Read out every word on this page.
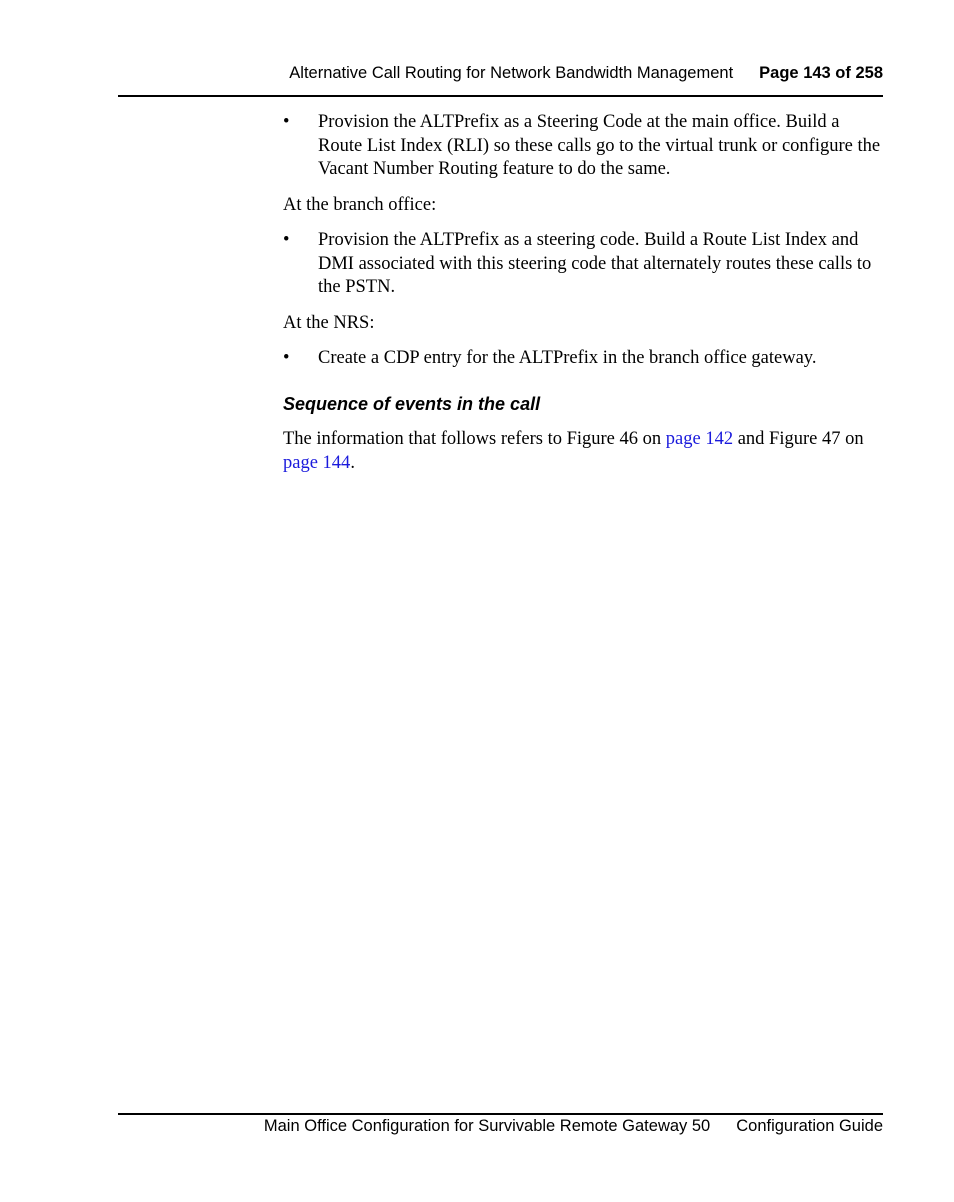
Alternative Call Routing for Network Bandwidth Management Page 143 of 258
• Provision the ALTPrefix as a Steering Code at the main office. Build a Route List Index (RLI) so these calls go to the virtual trunk or configure the Vacant Number Routing feature to do the same.

At the branch office:

• Provision the ALTPrefix as a steering code. Build a Route List Index and DMI associated with this steering code that alternately routes these calls to the PSTN.

At the NRS:

• Create a CDP entry for the ALTPrefix in the branch office gateway.
Sequence of events in the call

The information that follows refers to Figure 46 on page 142 and Figure 47 on page 144.

Main Office Configuration for Survivable Remote Gateway 50 Configuration Guide
